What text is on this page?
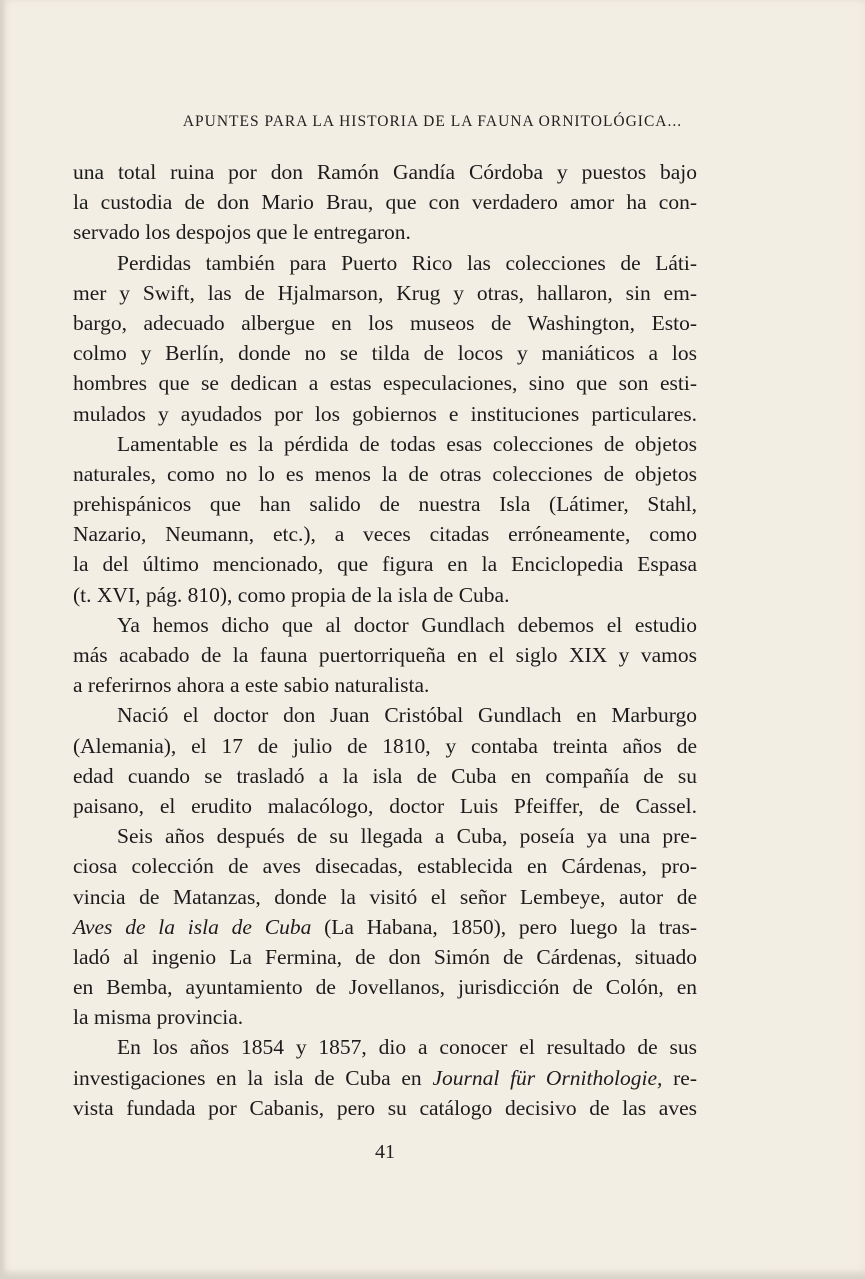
APUNTES PARA LA HISTORIA DE LA FAUNA ORNITOLÓGICA...
una total ruina por don Ramón Gandía Córdoba y puestos bajo
la custodia de don Mario Brau, que con verdadero amor ha con-
servado los despojos que le entregaron.
Perdidas también para Puerto Rico las colecciones de Láti-
mer y Swift, las de Hjalmarson, Krug y otras, hallaron, sin em-
bargo, adecuado albergue en los museos de Washington, Esto-
colmo y Berlín, donde no se tilda de locos y maniáticos a los
hombres que se dedican a estas especulaciones, sino que son esti-
mulados y ayudados por los gobiernos e instituciones particulares.
Lamentable es la pérdida de todas esas colecciones de objetos
naturales, como no lo es menos la de otras colecciones de objetos
prehispánicos que han salido de nuestra Isla (Látimer, Stahl,
Nazario, Neumann, etc.), a veces citadas erróneamente, como
la del último mencionado, que figura en la Enciclopedia Espasa
(t. XVI, pág. 810), como propia de la isla de Cuba.
Ya hemos dicho que al doctor Gundlach debemos el estudio
más acabado de la fauna puertorriqueña en el siglo XIX y vamos
a referirnos ahora a este sabio naturalista.
Nació el doctor don Juan Cristóbal Gundlach en Marburgo
(Alemania), el 17 de julio de 1810, y contaba treinta años de
edad cuando se trasladó a la isla de Cuba en compañía de su
paisano, el erudito malacólogo, doctor Luis Pfeiffer, de Cassel.
Seis años después de su llegada a Cuba, poseía ya una pre-
ciosa colección de aves disecadas, establecida en Cárdenas, pro-
vincia de Matanzas, donde la visitó el señor Lembeye, autor de
Aves de la isla de Cuba (La Habana, 1850), pero luego la tras-
ladó al ingenio La Fermina, de don Simón de Cárdenas, situado
en Bemba, ayuntamiento de Jovellanos, jurisdicción de Colón, en
la misma provincia.
En los años 1854 y 1857, dio a conocer el resultado de sus
investigaciones en la isla de Cuba en Journal für Ornithologie, re-
vista fundada por Cabanis, pero su catálogo decisivo de las aves
41
